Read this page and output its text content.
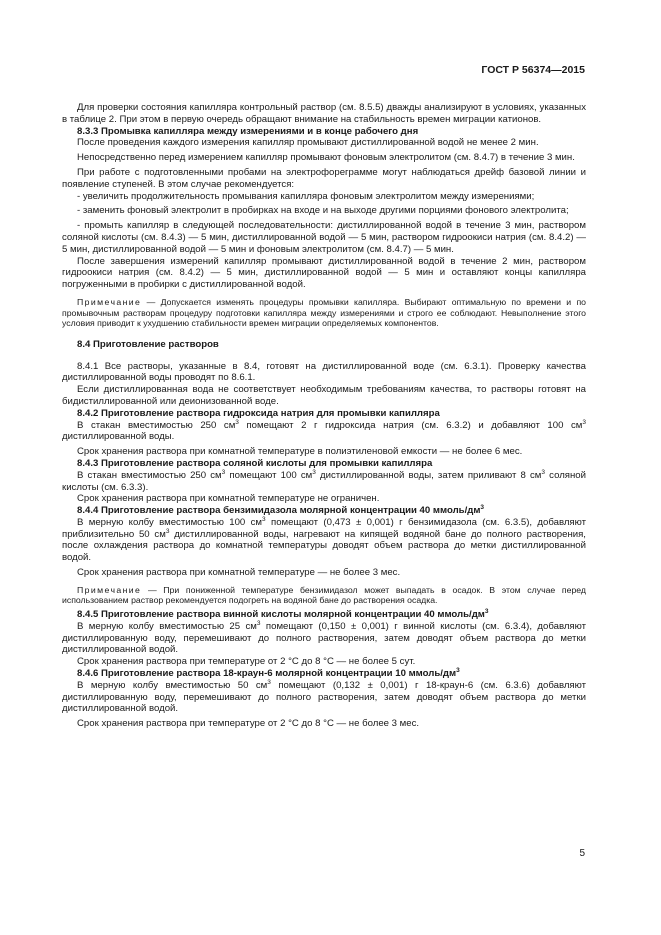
ГОСТ Р 56374—2015

Для проверки состояния капилляра контрольный раствор (см. 8.5.5) дважды анализируют в условиях, указанных в таблице 2. При этом в первую очередь обращают внимание на стабильность времен миграции катионов.

8.3.3 Промывка капилляра между измерениями и в конце рабочего дня

После проведения каждого измерения капилляр промывают дистиллированной водой не менее 2 мин.

Непосредственно перед измерением капилляр промывают фоновым электролитом (см. 8.4.7) в течение 3 мин.

При работе с подготовленными пробами на электрофореграмме могут наблюдаться дрейф базовой линии и появление ступеней. В этом случае рекомендуется:

- увеличить продолжительность промывания капилляра фоновым электролитом между измерениями;

- заменить фоновый электролит в пробирках на входе и на выходе другими порциями фонового электролита;

- промыть капилляр в следующей последовательности: дистиллированной водой в течение 3 мин, раствором соляной кислоты (см. 8.4.3) — 5 мин, дистиллированной водой — 5 мин, раствором гидроокиси натрия (см. 8.4.2) — 5 мин, дистиллированной водой — 5 мин и фоновым электролитом (см. 8.4.7) — 5 мин.

После завершения измерений капилляр промывают дистиллированной водой в течение 2 мин, раствором гидроокиси натрия (см. 8.4.2) — 5 мин, дистиллированной водой — 5 мин и оставляют концы капилляра погруженными в пробирки с дистиллированной водой.

Примечание — Допускается изменять процедуры промывки капилляра. Выбирают оптимальную по времени и по промывочным растворам процедуру подготовки капилляра между измерениями и строго ее соблюдают. Невыполнение этого условия приводит к ухудшению стабильности времен миграции определяемых компонентов.

8.4 Приготовление растворов

8.4.1 Все растворы, указанные в 8.4, готовят на дистиллированной воде (см. 6.3.1). Проверку качества дистиллированной воды проводят по 8.6.1.

Если дистиллированная вода не соответствует необходимым требованиям качества, то растворы готовят на бидистиллированной или деионизованной воде.

8.4.2 Приготовление раствора гидроксида натрия для промывки капилляра

В стакан вместимостью 250 $см^3$ помещают 2 г гидроксида натрия (см. 6.3.2) и добавляют 100 $см^3$ дистиллированной воды.

Срок хранения раствора при комнатной температуре в полиэтиленовой емкости — не более 6 мес.

8.4.3 Приготовление раствора соляной кислоты для промывки капилляра

В стакан вместимостью 250 $см^3$ помещают 100 $см^3$ дистиллированной воды, затем приливают 8 $см^3$ соляной кислоты (см. 6.3.3).

Срок хранения раствора при комнатной температуре не ограничен.

8.4.4 Приготовление раствора бензимидазола молярной концентрации 40 ммоль/$дм^3$

В мерную колбу вместимостью 100 $см^3$ помещают (0,473 ± 0,001) г бензимидазола (см. 6.3.5), добавляют приблизительно 50 $см^3$ дистиллированной воды, нагревают на кипящей водяной бане до полного растворения, после охлаждения раствора до комнатной температуры доводят объем раствора до метки дистиллированной водой.

Срок хранения раствора при комнатной температуре — не более 3 мес.

Примечание — При пониженной температуре бензимидазол может выпадать в осадок. В этом случае перед использованием раствор рекомендуется подогреть на водяной бане до растворения осадка.

8.4.5 Приготовление раствора винной кислоты молярной концентрации 40 ммоль/$дм^3$

В мерную колбу вместимостью 25 $см^3$ помещают (0,150 ± 0,001) г винной кислоты (см. 6.3.4), добавляют дистиллированную воду, перемешивают до полного растворения, затем доводят объем раствора до метки дистиллированной водой.

Срок хранения раствора при температуре от 2 °С до 8 °С — не более 5 сут.

8.4.6 Приготовление раствора 18-краун-6 молярной концентрации 10 ммоль/$дм^3$

В мерную колбу вместимостью 50 $см^3$ помещают (0,132 ± 0,001) г 18-краун-6 (см. 6.3.6) добавляют дистиллированную воду, перемешивают до полного растворения, затем доводят объем раствора до метки дистиллированной водой.

Срок хранения раствора при температуре от 2 °С до 8 °С — не более 3 мес.

5
